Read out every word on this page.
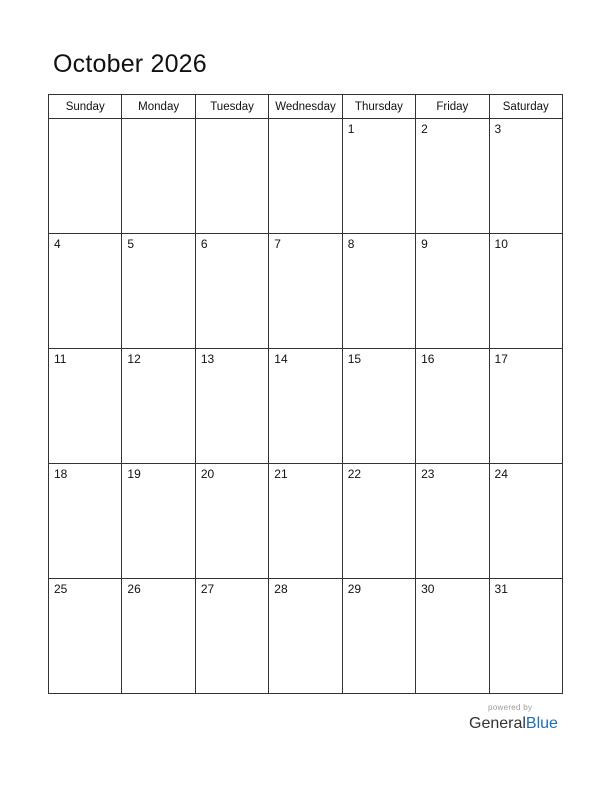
October 2026
Sunday	Monday	Tuesday	Wednesday	Thursday	Friday	Saturday

				1	2	3

4	5	6	7	8	9	10

11	12	13	14	15	16	17

18	19	20	21	22	23	24

25	26	27	28	29	30	31
powered by
GeneralBlue
